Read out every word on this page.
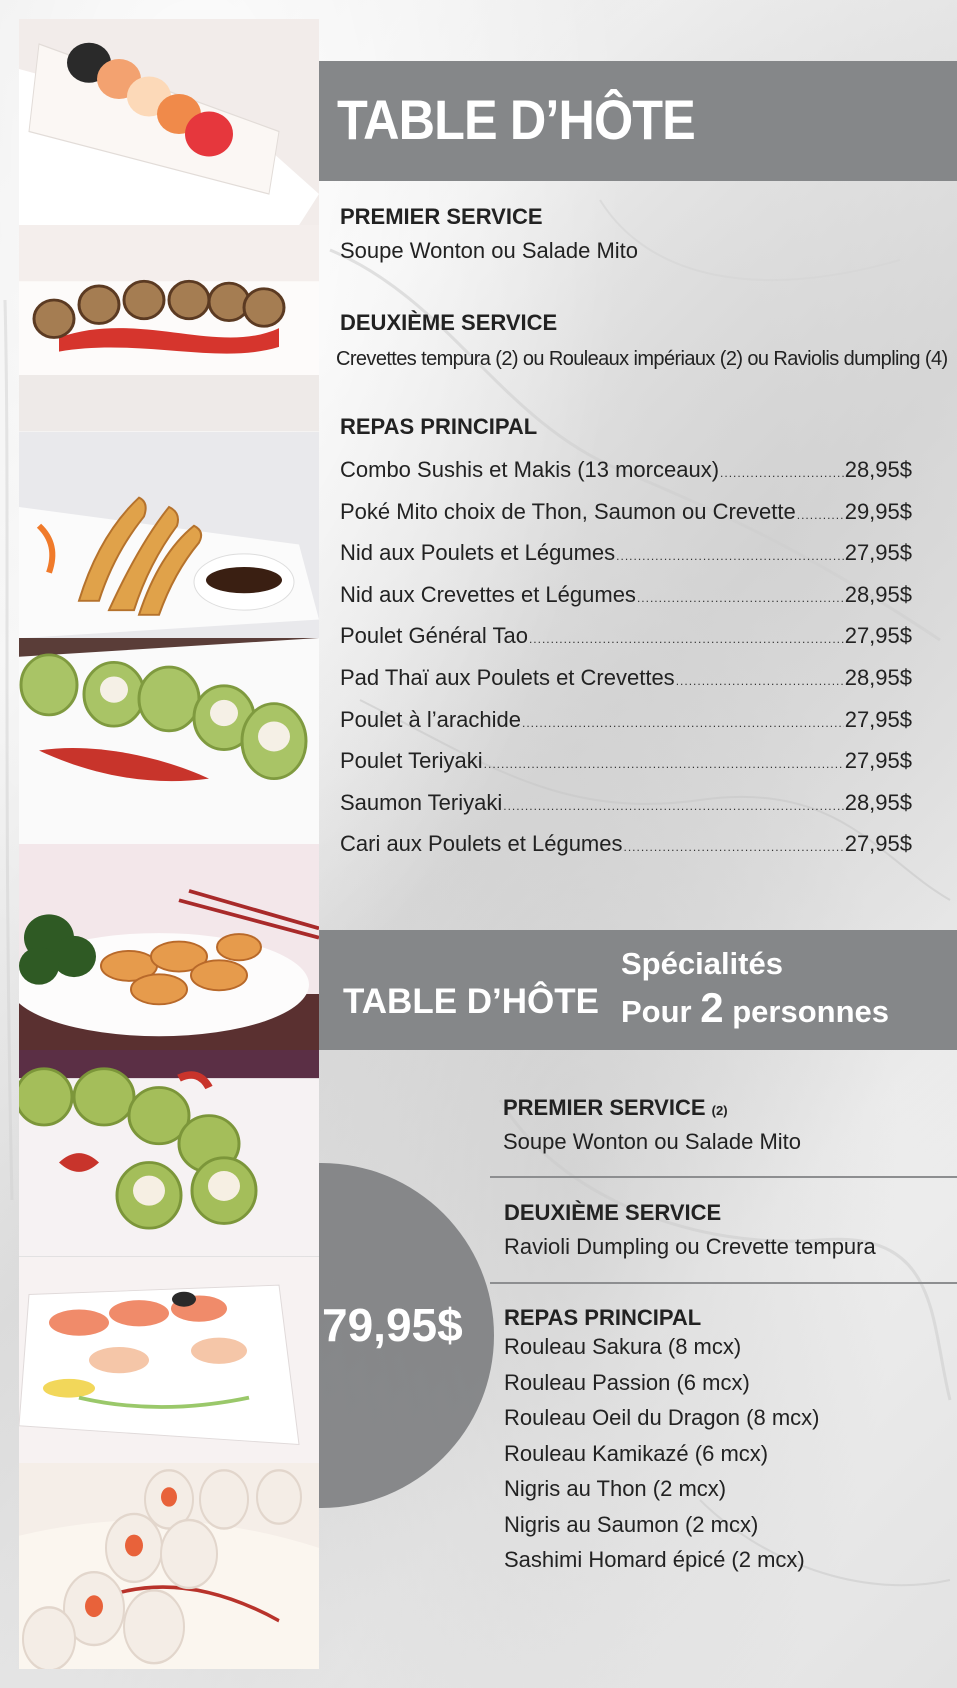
TABLE D’HÔTE
PREMIER SERVICE
Soupe Wonton ou Salade Mito
DEUXIÈME SERVICE
Crevettes tempura (2) ou Rouleaux impériaux (2) ou Raviolis dumpling (4)
REPAS PRINCIPAL
Combo Sushis et Makis (13 morceaux) .....	28,95$
Poké Mito choix de Thon, Saumon ou Crevette ..... 29,95$
Nid aux Poulets et Légumes .....	27,95$
Nid aux Crevettes et Légumes .....	28,95$
Poulet Général Tao .....	27,95$
Pad Thaï aux Poulets et Crevettes .....	28,95$
Poulet à l’arachide .....	27,95$
Poulet Teriyaki .....	27,95$
Saumon Teriyaki .....	28,95$
Cari aux Poulets et Légumes .....	27,95$
TABLE D’HÔTE
Spécialités
Pour 2 personnes
79,95$
PREMIER SERVICE (2)
Soupe Wonton ou Salade Mito
DEUXIÈME SERVICE
Ravioli Dumpling ou Crevette tempura
REPAS PRINCIPAL
Rouleau Sakura (8 mcx)
Rouleau Passion (6 mcx)
Rouleau Oeil du Dragon (8 mcx)
Rouleau Kamikazé (6 mcx)
Nigris au Thon (2 mcx)
Nigris au Saumon (2 mcx)
Sashimi Homard épicé (2 mcx)
